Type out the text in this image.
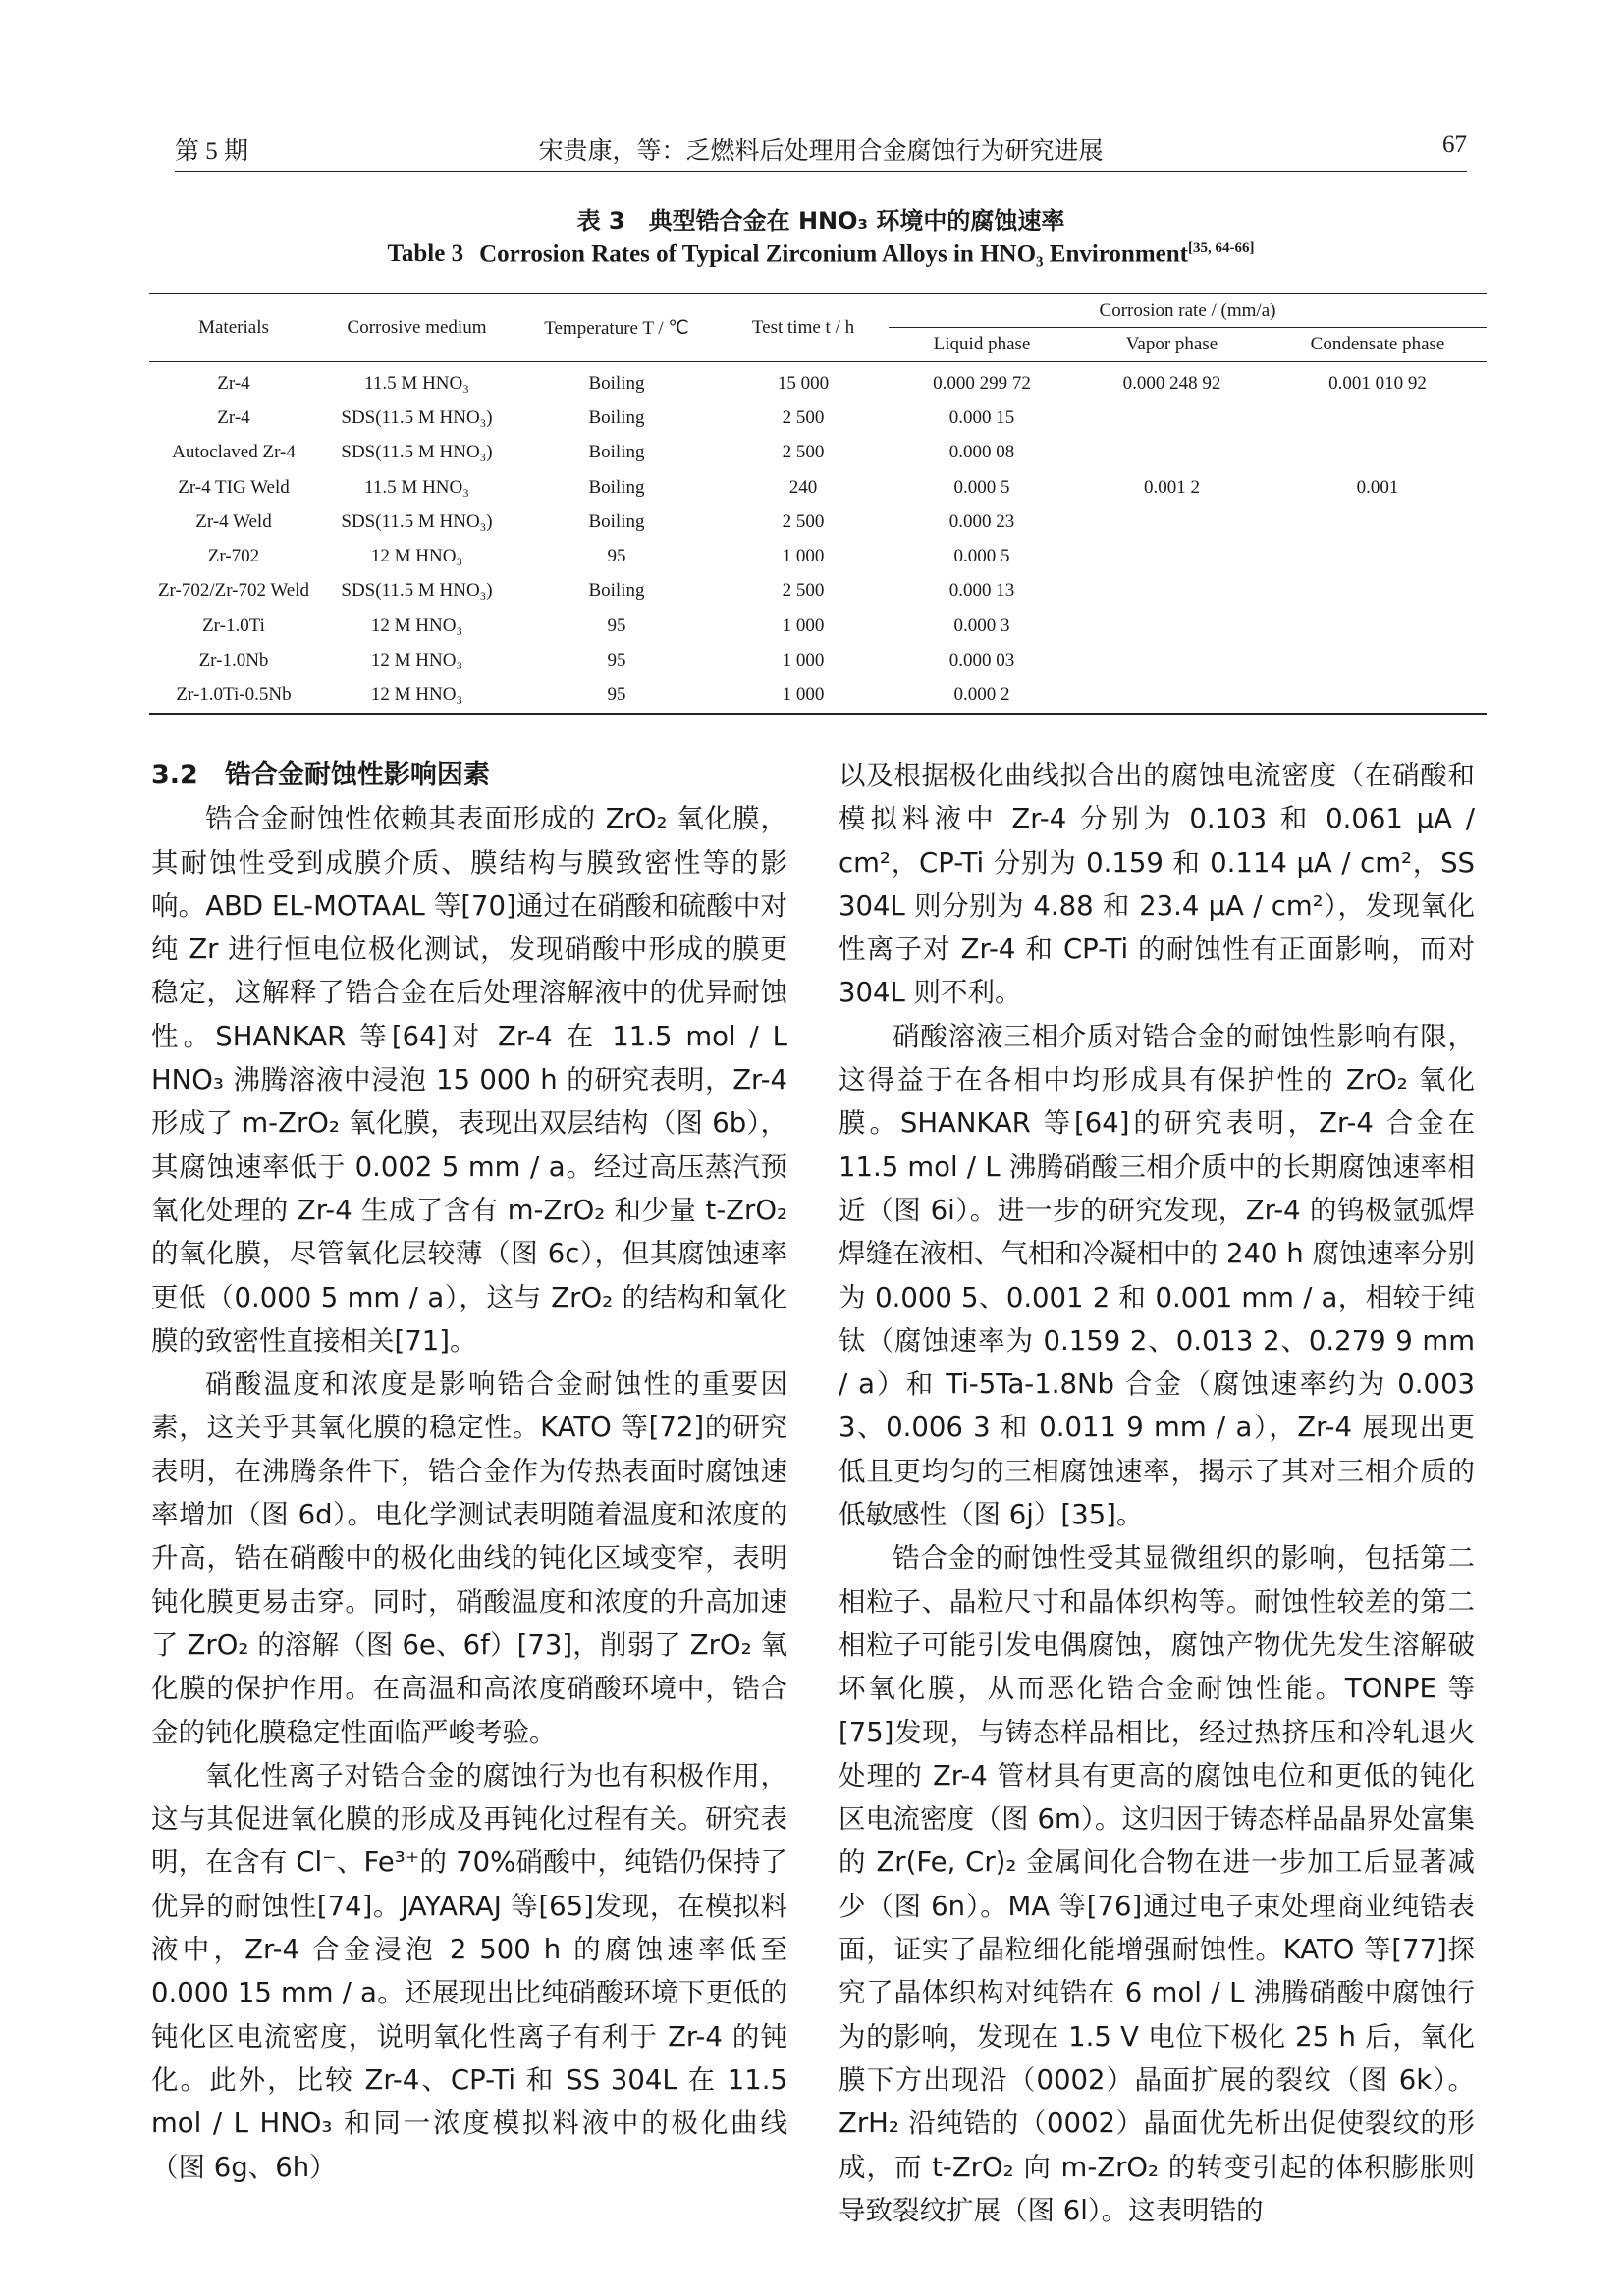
第 5 期	宋贵康，等：乏燃料后处理用合金腐蚀行为研究进展	67
表 3　典型锆合金在 HNO₃ 环境中的腐蚀速率
Table 3 Corrosion Rates of Typical Zirconium Alloys in HNO₃ Environment[35, 64-66]
Materials	Corrosive medium	Temperature T / ℃	Test time t / h	Corrosion rate / (mm/a)		
				Liquid phase	Vapor phase	Condensate phase
Zr-4	11.5 M HNO₃	Boiling	15 000	0.000 299 72	0.000 248 92	0.001 010 92
Zr-4	SDS(11.5 M HNO₃)	Boiling	2 500	0.000 15		
Autoclaved Zr-4	SDS(11.5 M HNO₃)	Boiling	2 500	0.000 08		
Zr-4 TIG Weld	11.5 M HNO₃	Boiling	240	0.000 5	0.001 2	0.001
Zr-4 Weld	SDS(11.5 M HNO₃)	Boiling	2 500	0.000 23		
Zr-702	12 M HNO₃	95	1 000	0.000 5		
Zr-702/Zr-702 Weld	SDS(11.5 M HNO₃)	Boiling	2 500	0.000 13		
Zr-1.0Ti	12 M HNO₃	95	1 000	0.000 3		
Zr-1.0Nb	12 M HNO₃	95	1 000	0.000 03		
Zr-1.0Ti-0.5Nb	12 M HNO₃	95	1 000	0.000 2		
3.2　锆合金耐蚀性影响因素

锆合金耐蚀性依赖其表面形成的 ZrO₂ 氧化膜，其耐蚀性受到成膜介质、膜结构与膜致密性等的影响。ABD EL-MOTAAL 等[70]通过在硝酸和硫酸中对纯 Zr 进行恒电位极化测试，发现硝酸中形成的膜更稳定，这解释了锆合金在后处理溶解液中的优异耐蚀性。SHANKAR 等[64]对 Zr-4 在 11.5 mol / L HNO₃ 沸腾溶液中浸泡 15 000 h 的研究表明，Zr-4 形成了 m-ZrO₂ 氧化膜，表现出双层结构（图 6b），其腐蚀速率低于 0.002 5 mm / a。经过高压蒸汽预氧化处理的 Zr-4 生成了含有 m-ZrO₂ 和少量 t-ZrO₂ 的氧化膜，尽管氧化层较薄（图 6c），但其腐蚀速率更低（0.000 5 mm / a），这与 ZrO₂ 的结构和氧化膜的致密性直接相关[71]。

硝酸温度和浓度是影响锆合金耐蚀性的重要因素，这关乎其氧化膜的稳定性。KATO 等[72]的研究表明，在沸腾条件下，锆合金作为传热表面时腐蚀速率增加（图 6d）。电化学测试表明随着温度和浓度的升高，锆在硝酸中的极化曲线的钝化区域变窄，表明钝化膜更易击穿。同时，硝酸温度和浓度的升高加速了 ZrO₂ 的溶解（图 6e、6f）[73]，削弱了 ZrO₂ 氧化膜的保护作用。在高温和高浓度硝酸环境中，锆合金的钝化膜稳定性面临严峻考验。

氧化性离子对锆合金的腐蚀行为也有积极作用，这与其促进氧化膜的形成及再钝化过程有关。研究表明，在含有 Cl⁻、Fe³⁺的 70%硝酸中，纯锆仍保持了优异的耐蚀性[74]。JAYARAJ 等[65]发现，在模拟料液中，Zr-4 合金浸泡 2 500 h 的腐蚀速率低至 0.000 15 mm / a。还展现出比纯硝酸环境下更低的钝化区电流密度，说明氧化性离子有利于 Zr-4 的钝化。此外，比较 Zr-4、CP-Ti 和 SS 304L 在 11.5 mol / L HNO₃ 和同一浓度模拟料液中的极化曲线（图 6g、6h）

以及根据极化曲线拟合出的腐蚀电流密度（在硝酸和模拟料液中 Zr-4 分别为 0.103 和 0.061 μA / cm²，CP-Ti 分别为 0.159 和 0.114 μA / cm²，SS 304L 则分别为 4.88 和 23.4 μA / cm²），发现氧化性离子对 Zr-4 和 CP-Ti 的耐蚀性有正面影响，而对 304L 则不利。

硝酸溶液三相介质对锆合金的耐蚀性影响有限，这得益于在各相中均形成具有保护性的 ZrO₂ 氧化膜。SHANKAR 等[64]的研究表明，Zr-4 合金在 11.5 mol / L 沸腾硝酸三相介质中的长期腐蚀速率相近（图 6i）。进一步的研究发现，Zr-4 的钨极氩弧焊焊缝在液相、气相和冷凝相中的 240 h 腐蚀速率分别为 0.000 5、0.001 2 和 0.001 mm / a，相较于纯钛（腐蚀速率为 0.159 2、0.013 2、0.279 9 mm / a）和 Ti-5Ta-1.8Nb 合金（腐蚀速率约为 0.003 3、0.006 3 和 0.011 9 mm / a），Zr-4 展现出更低且更均匀的三相腐蚀速率，揭示了其对三相介质的低敏感性（图 6j）[35]。

锆合金的耐蚀性受其显微组织的影响，包括第二相粒子、晶粒尺寸和晶体织构等。耐蚀性较差的第二相粒子可能引发电偶腐蚀，腐蚀产物优先发生溶解破坏氧化膜，从而恶化锆合金耐蚀性能。TONPE 等[75]发现，与铸态样品相比，经过热挤压和冷轧退火处理的 Zr-4 管材具有更高的腐蚀电位和更低的钝化区电流密度（图 6m）。这归因于铸态样品晶界处富集的 Zr(Fe, Cr)₂ 金属间化合物在进一步加工后显著减少（图 6n）。MA 等[76]通过电子束处理商业纯锆表面，证实了晶粒细化能增强耐蚀性。KATO 等[77]探究了晶体织构对纯锆在 6 mol / L 沸腾硝酸中腐蚀行为的影响，发现在 1.5 V 电位下极化 25 h 后，氧化膜下方出现沿（0002）晶面扩展的裂纹（图 6k）。ZrH₂ 沿纯锆的（0002）晶面优先析出促使裂纹的形成，而 t-ZrO₂ 向 m-ZrO₂ 的转变引起的体积膨胀则导致裂纹扩展（图 6l）。这表明锆的
